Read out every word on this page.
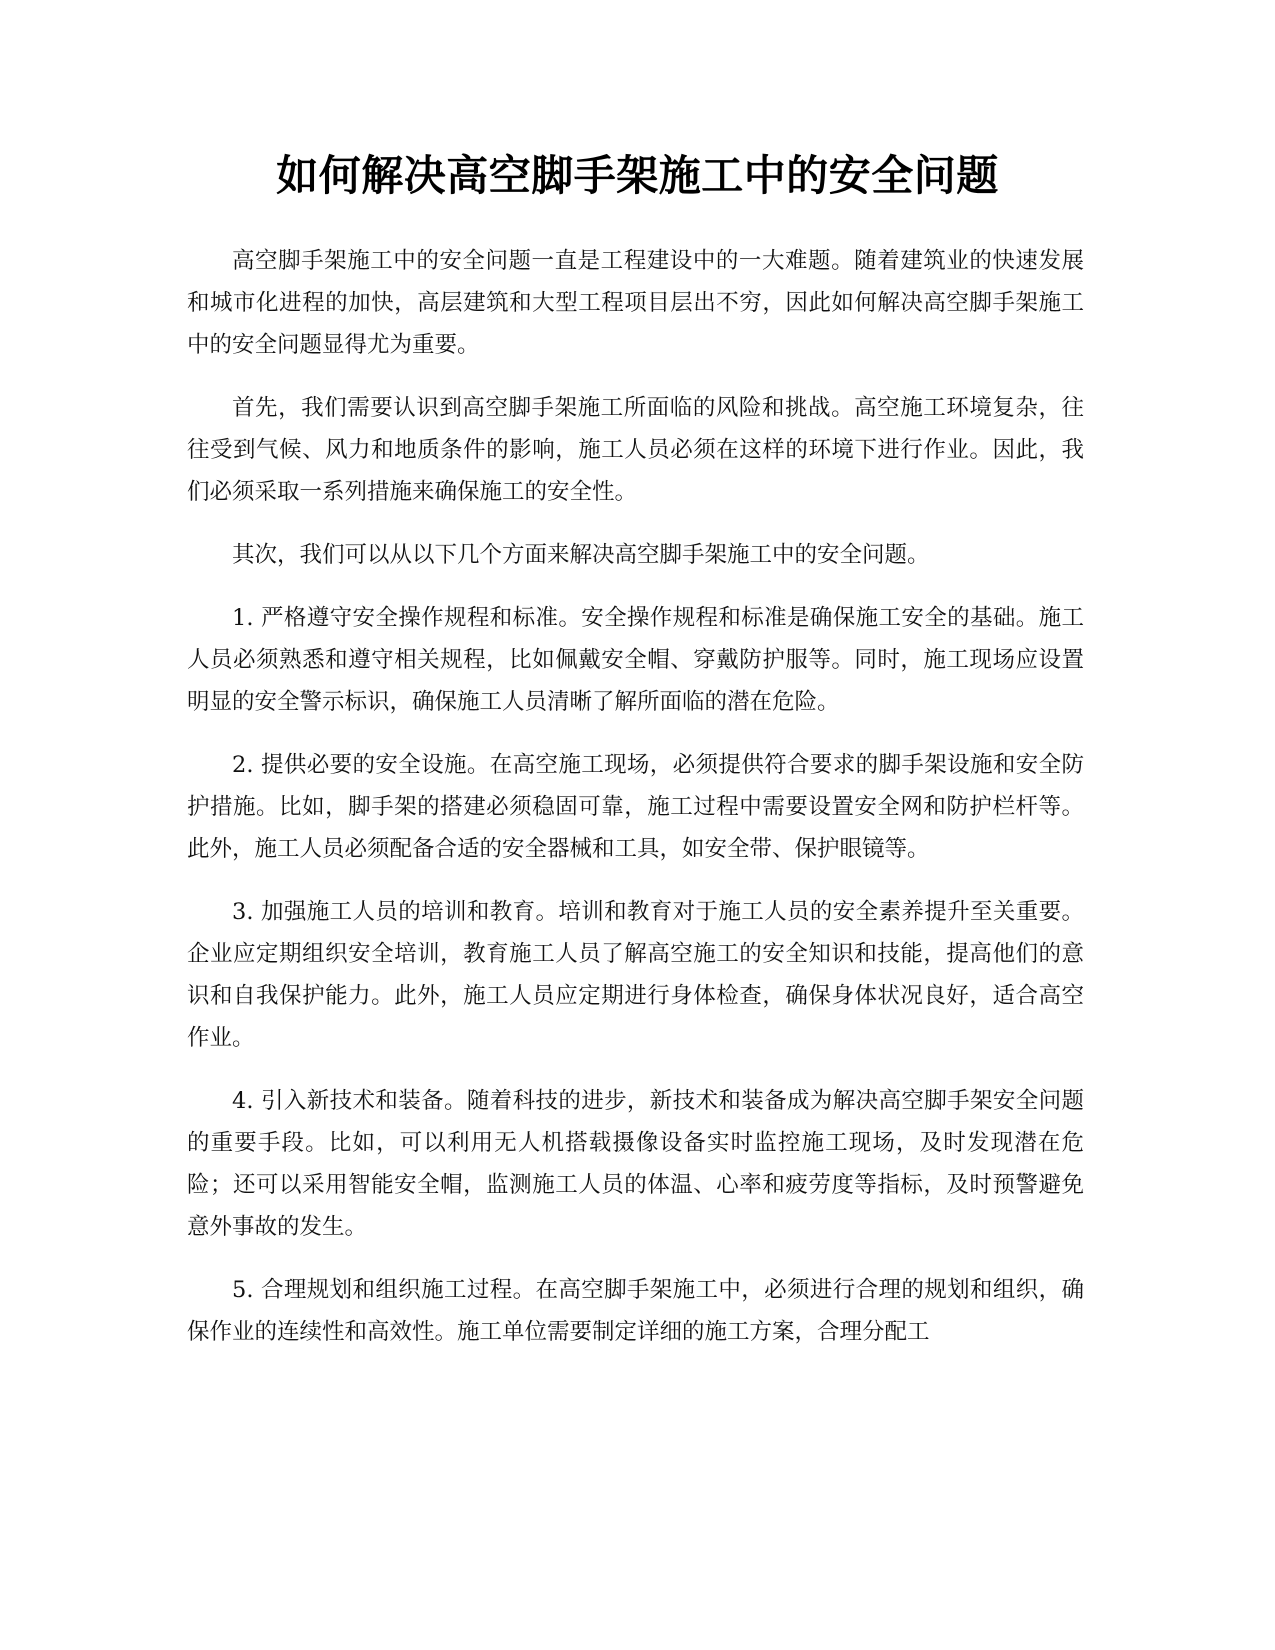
如何解决高空脚手架施工中的安全问题

高空脚手架施工中的安全问题一直是工程建设中的一大难题。随着建筑业的快速发展和城市化进程的加快，高层建筑和大型工程项目层出不穷，因此如何解决高空脚手架施工中的安全问题显得尤为重要。

首先，我们需要认识到高空脚手架施工所面临的风险和挑战。高空施工环境复杂，往往受到气候、风力和地质条件的影响，施工人员必须在这样的环境下进行作业。因此，我们必须采取一系列措施来确保施工的安全性。

其次，我们可以从以下几个方面来解决高空脚手架施工中的安全问题。

1. 严格遵守安全操作规程和标准。安全操作规程和标准是确保施工安全的基础。施工人员必须熟悉和遵守相关规程，比如佩戴安全帽、穿戴防护服等。同时，施工现场应设置明显的安全警示标识，确保施工人员清晰了解所面临的潜在危险。

2. 提供必要的安全设施。在高空施工现场，必须提供符合要求的脚手架设施和安全防护措施。比如，脚手架的搭建必须稳固可靠，施工过程中需要设置安全网和防护栏杆等。此外，施工人员必须配备合适的安全器械和工具，如安全带、保护眼镜等。

3. 加强施工人员的培训和教育。培训和教育对于施工人员的安全素养提升至关重要。企业应定期组织安全培训，教育施工人员了解高空施工的安全知识和技能，提高他们的意识和自我保护能力。此外，施工人员应定期进行身体检查，确保身体状况良好，适合高空作业。

4. 引入新技术和装备。随着科技的进步，新技术和装备成为解决高空脚手架安全问题的重要手段。比如，可以利用无人机搭载摄像设备实时监控施工现场，及时发现潜在危险；还可以采用智能安全帽，监测施工人员的体温、心率和疲劳度等指标，及时预警避免意外事故的发生。

5. 合理规划和组织施工过程。在高空脚手架施工中，必须进行合理的规划和组织，确保作业的连续性和高效性。施工单位需要制定详细的施工方案，合理分配工
